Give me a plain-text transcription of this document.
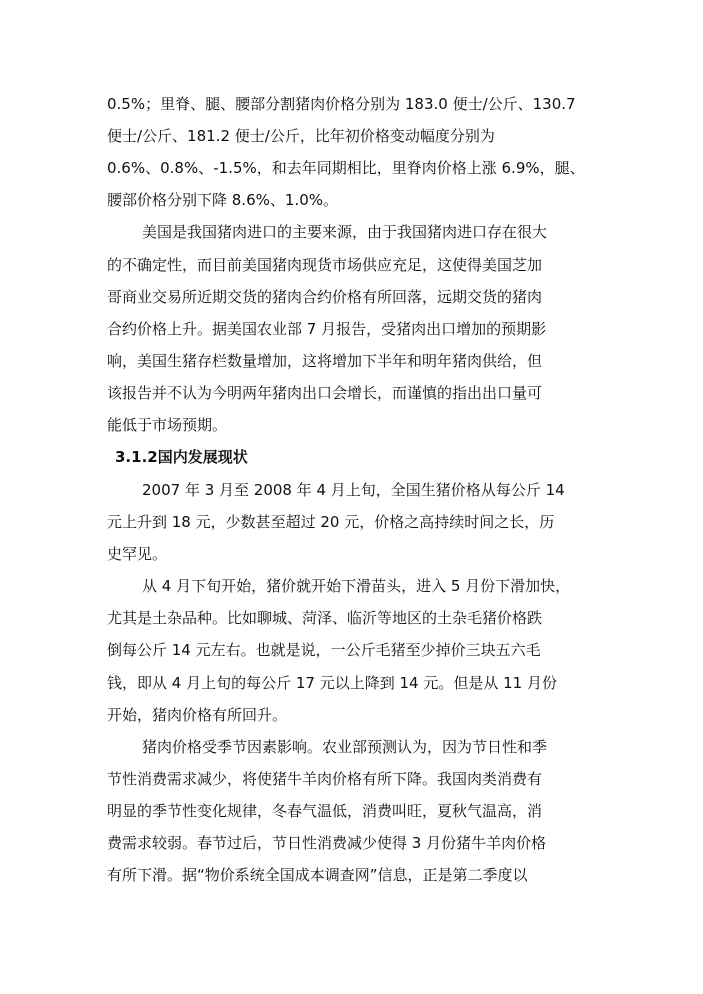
0.5%；里脊、腿、腰部分割猪肉价格分别为 183.0 便士/公斤、130.7
便士/公斤、181.2 便士/公斤，比年初价格变动幅度分别为
0.6%、0.8%、-1.5%，和去年同期相比，里脊肉价格上涨 6.9%，腿、
腰部价格分别下降 8.6%、1.0%。
美国是我国猪肉进口的主要来源，由于我国猪肉进口存在很大
的不确定性，而目前美国猪肉现货市场供应充足，这使得美国芝加
哥商业交易所近期交货的猪肉合约价格有所回落，远期交货的猪肉
合约价格上升。据美国农业部 7 月报告，受猪肉出口增加的预期影
响，美国生猪存栏数量增加，这将增加下半年和明年猪肉供给，但
该报告并不认为今明两年猪肉出口会增长，而谨慎的指出出口量可
能低于市场预期。
3.1.2国内发展现状
2007 年 3 月至 2008 年 4 月上旬，全国生猪价格从每公斤 14
元上升到 18 元，少数甚至超过 20 元，价格之高持续时间之长，历
史罕见。
从 4 月下旬开始，猪价就开始下滑苗头，进入 5 月份下滑加快，
尤其是土杂品种。比如聊城、菏泽、临沂等地区的土杂毛猪价格跌
倒每公斤 14 元左右。也就是说，一公斤毛猪至少掉价三块五六毛
钱，即从 4 月上旬的每公斤 17 元以上降到 14 元。但是从 11 月份
开始，猪肉价格有所回升。
猪肉价格受季节因素影响。农业部预测认为，因为节日性和季
节性消费需求减少，将使猪牛羊肉价格有所下降。我国肉类消费有
明显的季节性变化规律，冬春气温低，消费叫旺，夏秋气温高，消
费需求较弱。春节过后，节日性消费减少使得 3 月份猪牛羊肉价格
有所下滑。据“物价系统全国成本调查网”信息，正是第二季度以
